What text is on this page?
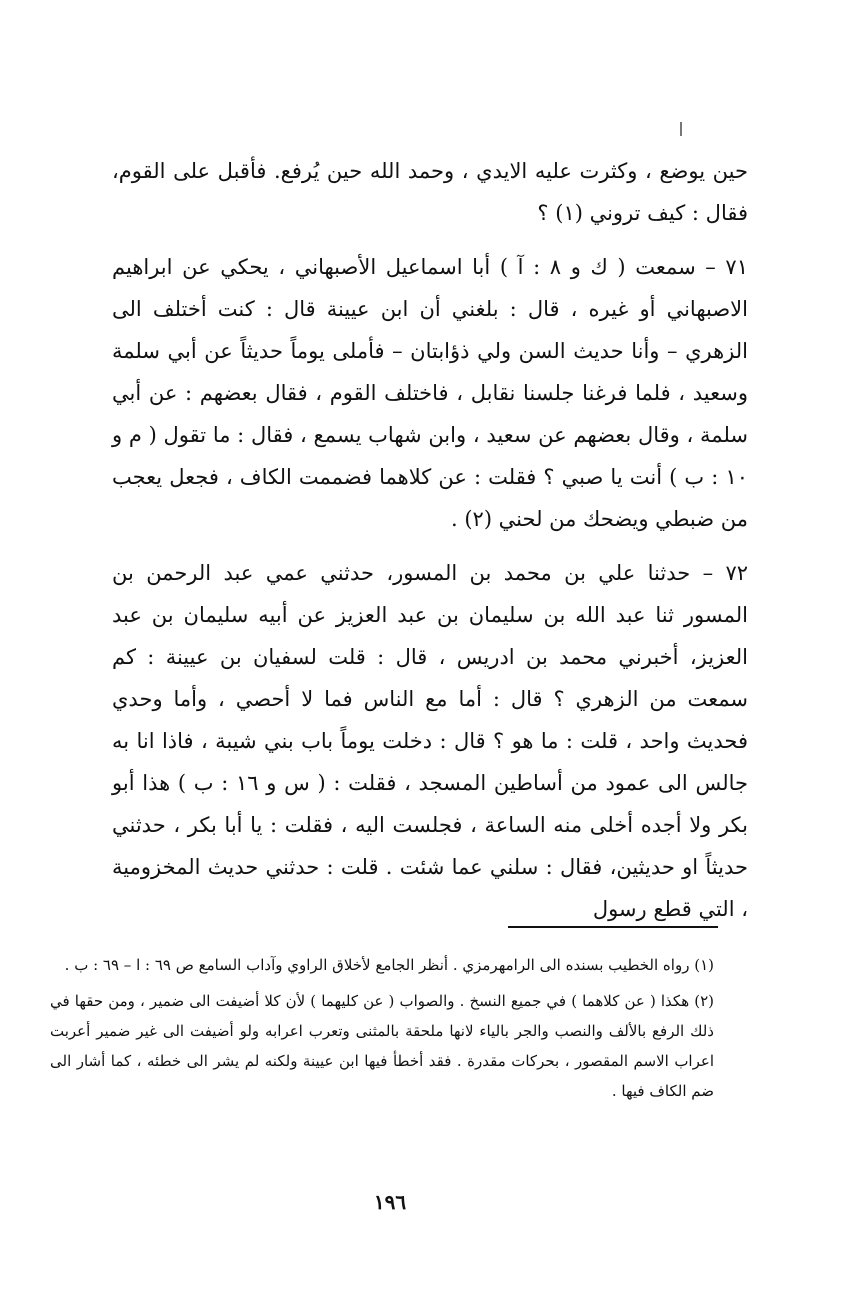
حين يوضع ، وكثرت عليه الايدي ، وحمد الله حين يُرفع. فأقبل على القوم، فقال : كيف تروني (١) ؟

٧١ – سمعت ( ك و ٨ : آ ) أبا اسماعيل الأصبهاني ، يحكي عن ابراهيم الاصبهاني أو غيره ، قال : بلغني أن ابن عيينة قال : كنت أختلف الى الزهري – وأنا حديث السن ولي ذؤابتان – فأملى يوماً حديثاً عن أبي سلمة وسعيد ، فلما فرغنا جلسنا نقابل ، فاختلف القوم ، فقال بعضهم : عن أبي سلمة ، وقال بعضهم عن سعيد ، وابن شهاب يسمع ، فقال : ما تقول ( م و ١٠ : ب ) أنت يا صبي ؟ فقلت : عن كلاهما فضممت الكاف ، فجعل يعجب من ضبطي ويضحك من لحني (٢) .

٧٢ – حدثنا علي بن محمد بن المسور، حدثني عمي عبد الرحمن بن المسور ثنا عبد الله بن سليمان بن عبد العزيز عن أبيه سليمان بن عبد العزيز، أخبرني محمد بن ادريس ، قال : قلت لسفيان بن عيينة : كم سمعت من الزهري ؟ قال : أما مع الناس فما لا أحصي ، وأما وحدي فحديث واحد ، قلت : ما هو ؟ قال : دخلت يوماً باب بني شيبة ، فاذا انا به جالس الى عمود من أساطين المسجد ، فقلت : ( س و ١٦ : ب ) هذا أبو بكر ولا أجده أخلى منه الساعة ، فجلست اليه ، فقلت : يا أبا بكر ، حدثني حديثاً او حديثين، فقال : سلني عما شئت . قلت : حدثني حديث المخزومية ، التي قطع رسول

(١) رواه الخطيب بسنده الى الرامهرمزي . أنظر الجامع لأخلاق الراوي وآداب السامع ص ٦٩ : ا – ٦٩ : ب .

(٢) هكذا ( عن كلاهما ) في جميع النسخ . والصواب ( عن كليهما ) لأن كلا أضيفت الى ضمير ، ومن حقها في ذلك الرفع بالألف والنصب والجر بالياء لانها ملحقة بالمثنى وتعرب اعرابه ولو أضيفت الى غير ضمير أعربت اعراب الاسم المقصور ، بحركات مقدرة . فقد أخطأ فيها ابن عيينة ولكنه لم يشر الى خطئه ، كما أشار الى ضم الكاف فيها .

١٩٦
